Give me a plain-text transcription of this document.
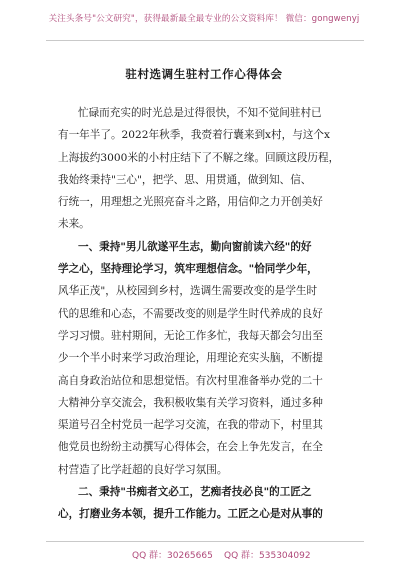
关注头条号"公文研究"，获得最新最全最专业的公文资料库！ 微信：gongwenyj
驻村选调生驻村工作心得体会
忙碌而充实的时光总是过得很快，不知不觉间驻村已
有一年半了。2022年秋季，我赍着行囊来到x村，与这个x
上海拔约3000米的小村庄结下了不解之缘。回顾这段历程，
我始终秉持"三心"，把学、思、用贯通，做到知、信、
行统一，用理想之光照亮奋斗之路，用信仰之力开创美好
未来。
一、秉持"男儿欲遂平生志，勤向窗前读六经"的好
学之心，坚持理论学习，筑牢理想信念。"恰同学少年，
风华正茂"，从校园到乡村，选调生需要改变的是学生时
代的思维和心态，不需要改变的则是学生时代养成的良好
学习习惯。驻村期间，无论工作多忙，我每天都会匀出至
少一个半小时来学习政治理论，用理论充实头脑，不断提
高自身政治站位和思想觉悟。有次村里准备举办党的二十
大精神分享交流会，我积极收集有关学习资料，通过多种
渠道号召全村党员一起学习交流，在我的带动下，村里其
他党员也纷纷主动撰写心得体会，在会上争先发言，在全
村营造了比学赶超的良好学习氛围。
二、秉持"书痴者文必工，艺痴者技必良"的工匠之
心，打磨业务本领，提升工作能力。工匠之心是对从事的
QQ 群：30265665 QQ 群：535304092
